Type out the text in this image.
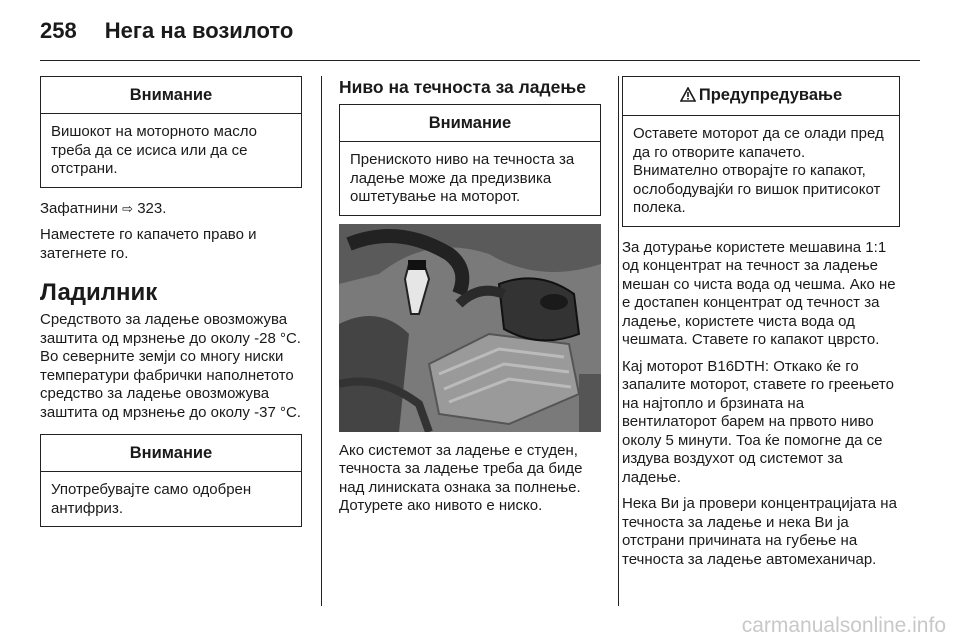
258 Нега на возилото
Внимание
Вишокот на моторното масло треба да се исиса или да се отстрани.
Зафатнини ⇨ 323.
Наместете го капачето право и затегнете го.
Ладилник
Средството за ладење овозможува заштита од мрзнење до околу -28 °C. Во северните земји со многу ниски температури фабрички наполнетото средство за ладење овозможува заштита од мрзнење до околу -37 °C.
Внимание
Употребувајте само одобрен антифриз.
Ниво на течноста за ладење
Внимание
Прениското ниво на течноста за ладење може да предизвика оштетување на моторот.
Ако системот за ладење е студен, течноста за ладење треба да биде над линиската ознака за полнење. Дотурете ако нивото е ниско.
Предупредување
Оставете моторот да се олади пред да го отворите капачето. Внимателно отворајте го капакот, ослободувајќи го вишок притисокот полека.
За дотурање користете мешавина 1:1 од концентрат на течност за ладење мешан со чиста вода од чешма. Ако не е достапен концентрат од течност за ладење, користете чиста вода од чешмата. Ставете го капакот цврсто.
Кај моторот B16DTH: Откако ќе го запалите моторот, ставете го греењето на најтопло и брзината на вентилаторот барем на првото ниво околу 5 минути. Тоа ќе помогне да се издува воздухот од системот за ладење.
Нека Ви ја провери концентрацијата на течноста за ладење и нека Ви ја отстрани причината на губење на течноста за ладење автомеханичар.
carmanualsonline.info
